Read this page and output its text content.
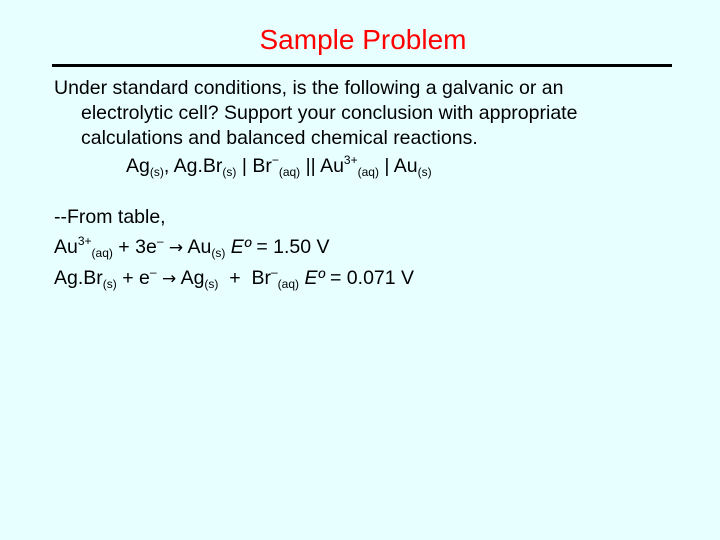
Sample Problem
Under standard conditions, is the following a galvanic or an
electrolytic cell? Support your conclusion with appropriate
calculations and balanced chemical reactions.
$Ag_{(s)}$, $Ag.Br_{(s)}$ | $Br^-_{(aq)}$ || $Au^{3+}_{(aq)}$ | $Au_{(s)}$
--From table,
$Au^{3+}_{(aq)} + 3e^- \to Au_{(s)}$ Eº = 1.50 V
$Ag.Br_{(s)} + e^- \to Ag_{(s)} + Br^-_{(aq)}$ Eº = 0.071 V
